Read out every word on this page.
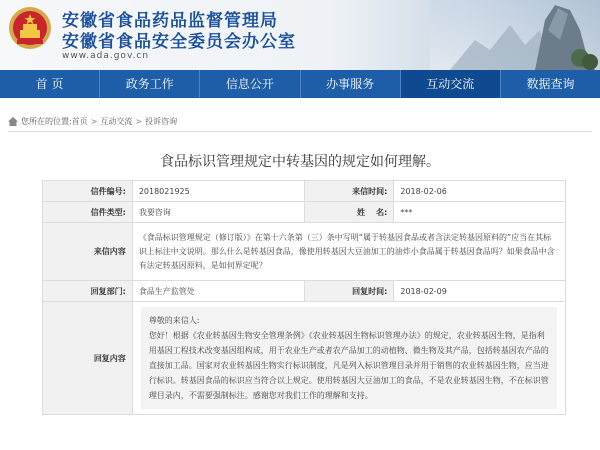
安徽省食品药品监督管理局
安徽省食品安全委员会办公室
www.ada.gov.cn
首 页	政务工作	信息公开	办事服务	互动交流	数据查询
您所在的位置: 首页 > 互动交流 > 投诉咨询
食品标识管理规定中转基因的规定如何理解。
信件编号:	2018021925	来信时间:	2018-02-06
信件类型:	我要咨询	姓    名:	***
来信内容	《食品标识管理规定（修订版）》在第十六条第（三）条中写明“属于转基因食品或者含法定转基因原料的”应当在其标识上标注中文说明。那么什么是转基因食品，像使用转基因大豆油加工的油炸小食品属于转基因食品吗？如果食品中含有法定转基因原料，是如何界定呢？		

回复部门:	食品生产监管处	回复时间:	2018-02-09
回复内容	尊敬的来信人:
您好！根据《农业转基因生物安全管理条例》《农业转基因生物标识管理办法》的规定，农业转基因生物，是指利用基因工程技术改变基因组构成，用于农业生产或者农产品加工的动植物、微生物及其产品，包括转基因农产品的直接加工品。国家对农业转基因生物实行标识制度，凡是列入标识管理目录并用于销售的农业转基因生物，应当进行标识。转基因食品的标识应当符合以上规定。使用转基因大豆油加工的食品，不是农业转基因生物，不在标识管理目录内，不需要强制标注。感谢您对我们工作的理解和支持。		
